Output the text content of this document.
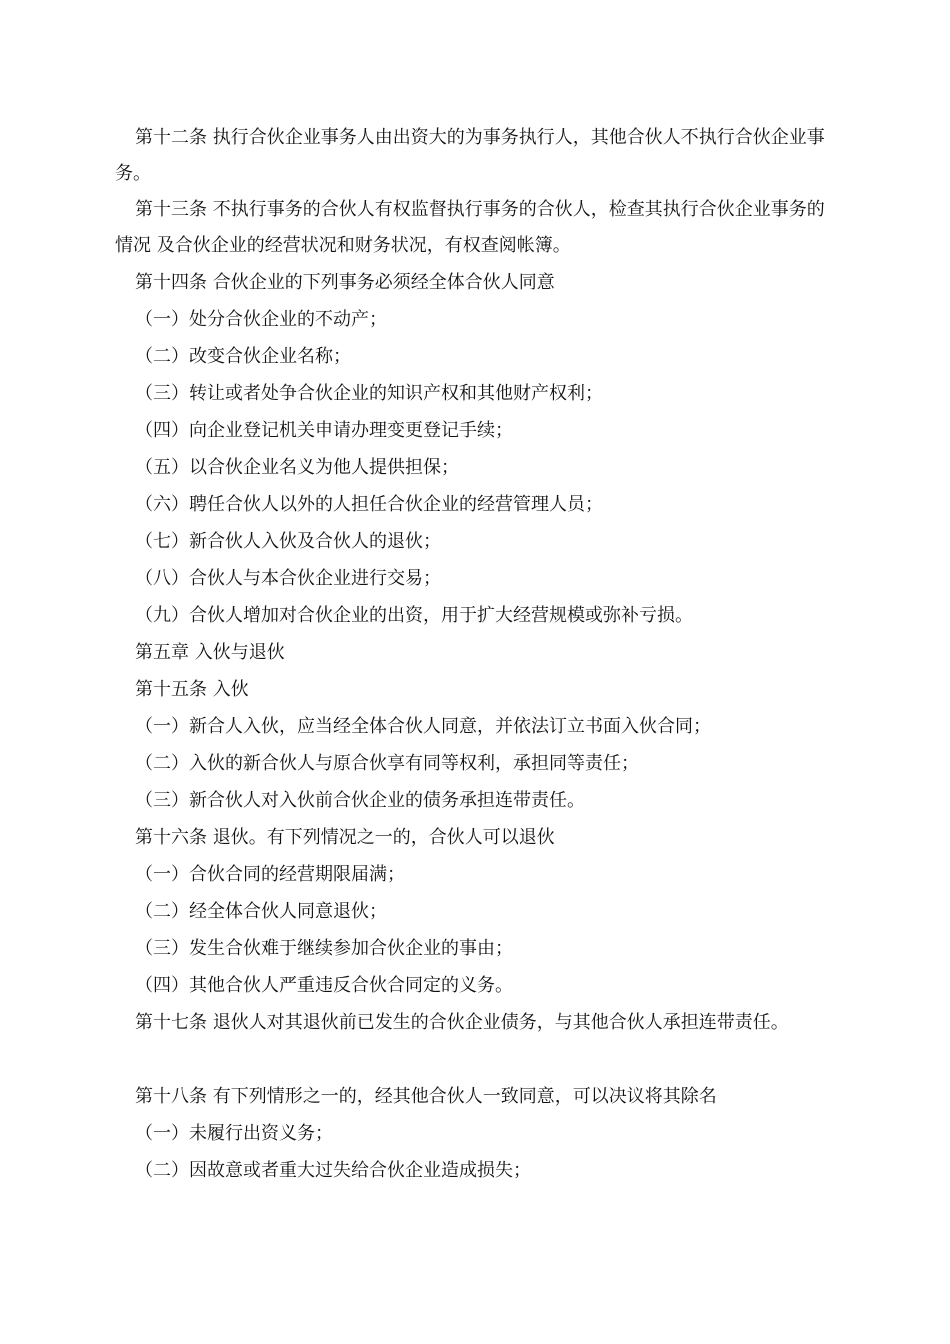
第十二条 执行合伙企业事务人由出资大的为事务执行人，其他合伙人不执行合伙企业事务。

第十三条 不执行事务的合伙人有权监督执行事务的合伙人，检查其执行合伙企业事务的情况 及合伙企业的经营状况和财务状况，有权查阅帐簿。

第十四条 合伙企业的下列事务必须经全体合伙人同意

（一）处分合伙企业的不动产；

（二）改变合伙企业名称；

（三）转让或者处争合伙企业的知识产权和其他财产权利；

（四）向企业登记机关申请办理变更登记手续；

（五）以合伙企业名义为他人提供担保；

（六）聘任合伙人以外的人担任合伙企业的经营管理人员；

（七）新合伙人入伙及合伙人的退伙；

（八）合伙人与本合伙企业进行交易；

（九）合伙人增加对合伙企业的出资，用于扩大经营规模或弥补亏损。

第五章 入伙与退伙

第十五条 入伙

（一）新合人入伙，应当经全体合伙人同意，并依法订立书面入伙合同；

（二）入伙的新合伙人与原合伙享有同等权利，承担同等责任；

（三）新合伙人对入伙前合伙企业的债务承担连带责任。

第十六条 退伙。有下列情况之一的，合伙人可以退伙

（一）合伙合同的经营期限届满；

（二）经全体合伙人同意退伙；

（三）发生合伙难于继续参加合伙企业的事由；

（四）其他合伙人严重违反合伙合同定的义务。

第十七条 退伙人对其退伙前已发生的合伙企业债务，与其他合伙人承担连带责任。

第十八条 有下列情形之一的，经其他合伙人一致同意，可以决议将其除名

（一）未履行出资义务；

（二）因故意或者重大过失给合伙企业造成损失；
